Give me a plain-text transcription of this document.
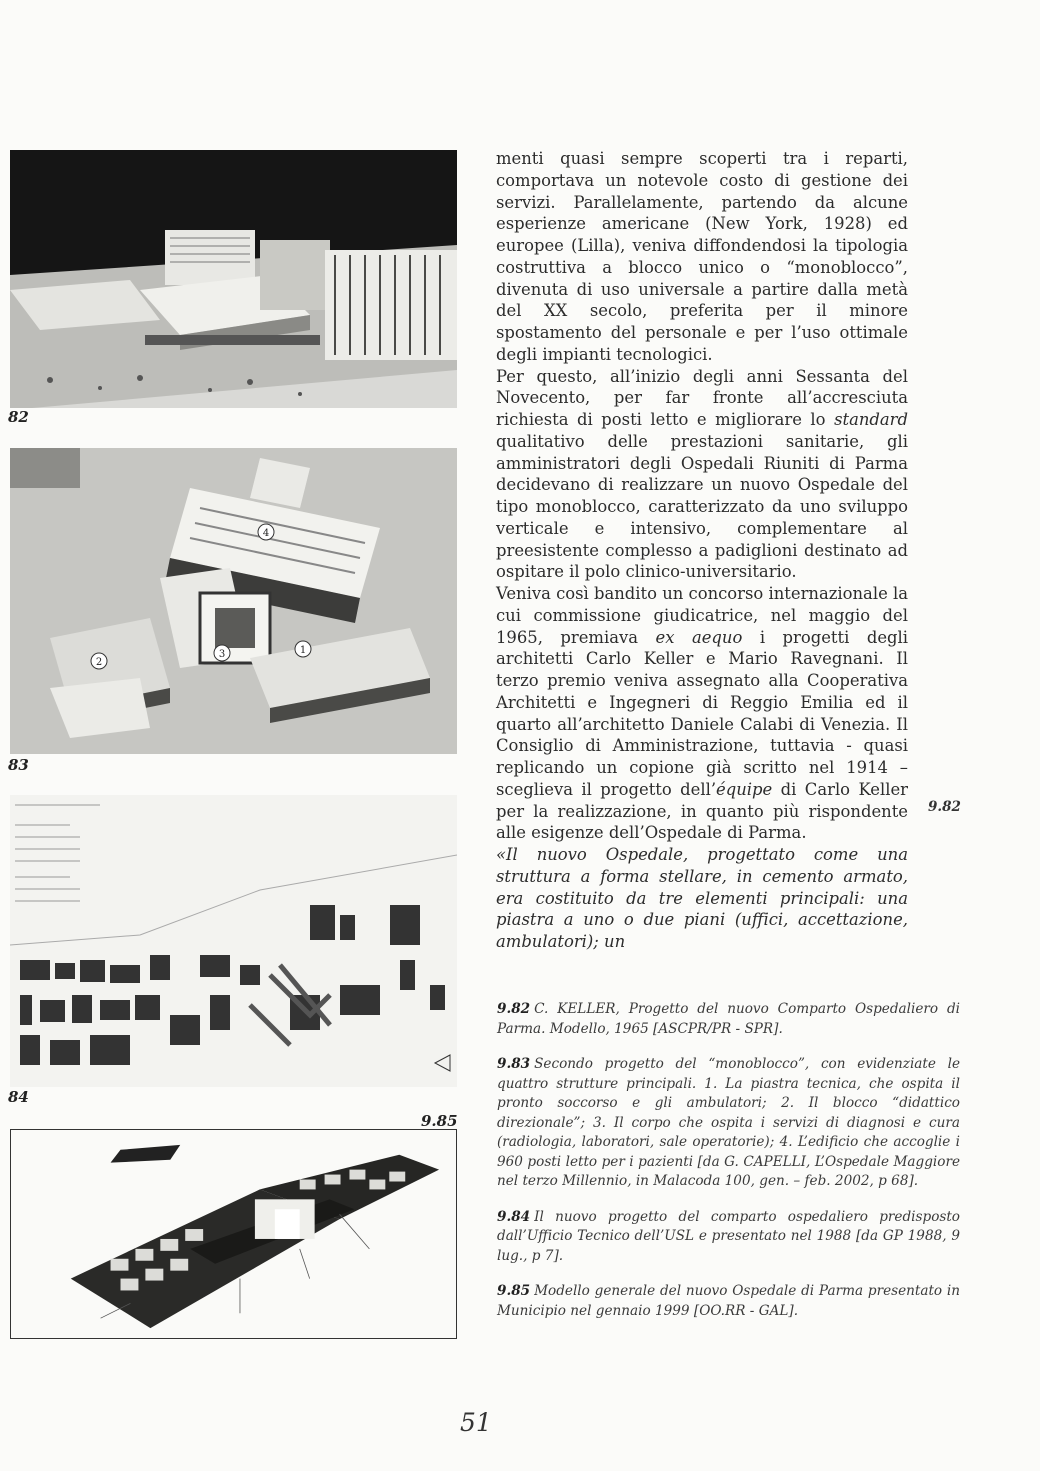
82
4
2
3	1
83
84
9.85

menti quasi sempre scoperti tra i reparti, comportava un notevole costo di gestione dei servizi. Parallelamente, partendo da alcune esperienze americane (New York, 1928) ed europee (Lilla), veniva diffondendosi la tipologia costruttiva a blocco unico o “monoblocco”, divenuta di uso universale a partire dalla metà del XX secolo, preferita per il minore spostamento del personale e per l’uso ottimale degli impianti tecnologici.

Per questo, all’inizio degli anni Sessanta del Novecento, per far fronte all’accresciuta richiesta di posti letto e migliorare lo standard qualitativo delle prestazioni sanitarie, gli amministratori degli Ospedali Riuniti di Parma decidevano di realizzare un nuovo Ospedale del tipo monoblocco, caratterizzato da uno sviluppo verticale e intensivo, complementare al preesistente complesso a padiglioni destinato ad ospitare il polo clinico-universitario.

Veniva così bandito un concorso internazionale la cui commissione giudicatrice, nel maggio del 1965, premiava ex aequo i progetti degli architetti Carlo Keller e Mario Ravegnani. Il terzo premio veniva assegnato alla Cooperativa Architetti e Ingegneri di Reggio Emilia ed il quarto all’architetto Daniele Calabi di Venezia. Il Consiglio di Amministrazione, tuttavia - quasi replicando un copione già scritto nel 1914 – sceglieva il progetto dell’équipe di Carlo Keller per la realizzazione, in quanto più rispondente alle esigenze dell’Ospedale di Parma.

«Il nuovo Ospedale, progettato come una struttura a forma stellare, in cemento armato, era costituito da tre elementi principali: una piastra a uno o due piani (uffici, accettazione, ambulatori); un

9.82

9.82 C. KELLER, Progetto del nuovo Comparto Ospedaliero di Parma. Modello, 1965 [ASCPR/PR - SPR].

9.83 Secondo progetto del “monoblocco”, con evidenziate le quattro strutture principali. 1. La piastra tecnica, che ospita il pronto soccorso e gli ambulatori; 2. Il blocco “didattico direzionale”; 3. Il corpo che ospita i servizi di diagnosi e cura (radiologia, laboratori, sale operatorie); 4. L’edificio che accoglie i 960 posti letto per i pazienti [da G. CAPELLI, L’Ospedale Maggiore nel terzo Millennio, in Malacoda 100, gen. – feb. 2002, p 68].

9.84 Il nuovo progetto del comparto ospedaliero predisposto dall’Ufficio Tecnico dell’USL e presentato nel 1988 [da GP 1988, 9 lug., p 7].

9.85 Modello generale del nuovo Ospedale di Parma presentato in Municipio nel gennaio 1999 [OO.RR - GAL].

51
